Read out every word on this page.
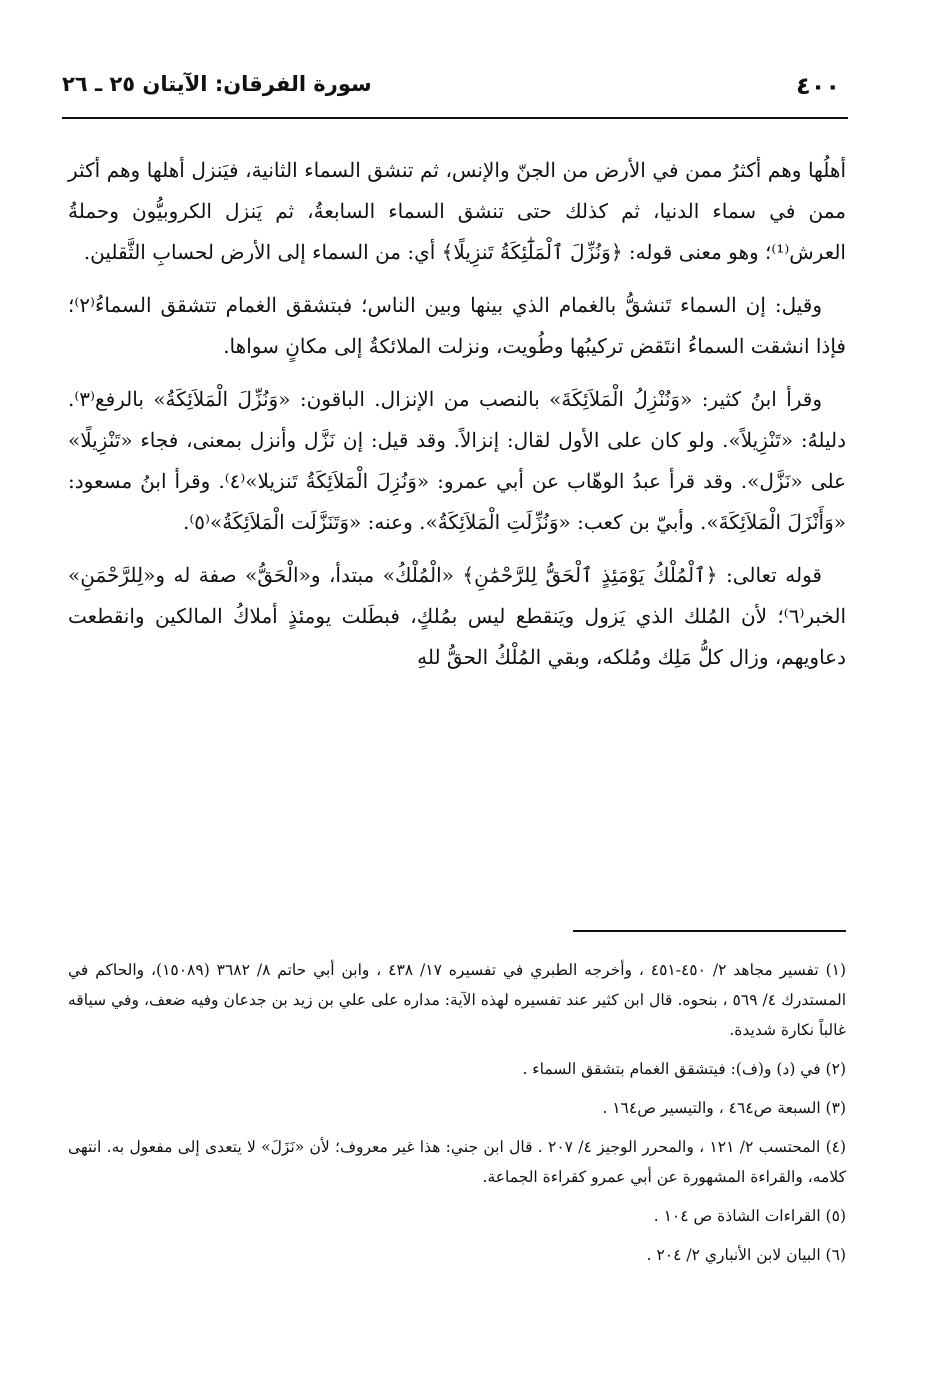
٤٠٠
سورة الفرقان: الآيتان ٢٥ ـ ٢٦

أهلُها وهم أكثرُ ممن في الأرض من الجنّ والإنس، ثم تنشق السماء الثانية، فيَنزل أهلها وهم أكثر ممن في سماء الدنيا، ثم كذلك حتى تنشق السماء السابعةُ، ثم يَنزل الكروبيُّون وحملةُ العرش⁽¹⁾؛ وهو معنى قوله: ﴿وَنُزِّلَ ٱلْمَلَٰٓئِكَةُ تَنزِيلًا﴾ أي: من السماء إلى الأرض لحسابِ الثَّقلين.

وقيل: إن السماء تَنشقُّ بالغمام الذي بينها وبين الناس؛ فبتشقق الغمام تتشقق السماءُ⁽٢⁾؛ فإذا انشقت السماءُ انتَقض تركيبُها وطُويت، ونزلت الملائكةُ إلى مكانٍ سواها.

وقرأ ابنُ كثير: «وَنُنْزِلُ الْمَلاَئِكَةَ» بالنصب من الإنزال. الباقون: «وَنُزِّلَ الْمَلاَئِكَةُ» بالرفع⁽٣⁾. دليلهُ: «تَنْزِيلاً». ولو كان على الأول لقال: إنزالاً. وقد قيل: إن نَزَّل وأنزل بمعنى، فجاء «تَنْزِيلًا» على «نَزَّل». وقد قرأ عبدُ الوهّاب عن أبي عمرو: «وَنُزِلَ الْمَلاَئِكَةُ تَنزيلا»⁽٤⁾. وقرأ ابنُ مسعود: «وَأَنْزَلَ الْمَلاَئِكَةَ». وأبيّ بن كعب: «وَنُزِّلَتِ الْمَلاَئِكَةُ». وعنه: «وَتَنَزَّلَت الْمَلاَئِكَةُ»⁽٥⁾.

قوله تعالى: ﴿ٱلْمُلْكُ يَوْمَئِذٍ ٱلْحَقُّ لِلرَّحْمَٰنِ﴾ «الْمُلْكُ» مبتدأ، و«الْحَقُّ» صفة له و«لِلرَّحْمَنِ» الخبر⁽٦⁾؛ لأن المُلك الذي يَزول ويَنقطع ليس بمُلكٍ، فبطَلت يومئذٍ أملاكُ المالكين وانقطعت دعاويهم، وزال كلُّ مَلِك ومُلكه، وبقي المُلْكُ الحقُّ للهِ

(١) تفسير مجاهد ٢/ ٤٥٠-٤٥١ ، وأخرجه الطبري في تفسيره ١٧/ ٤٣٨ ، وابن أبي حاتم ٨/ ٣٦٨٢ (١٥٠٨٩)، والحاكم في المستدرك ٤/ ٥٦٩ ، بنحوه. قال ابن كثير عند تفسيره لهذه الآية: مداره على علي بن زيد بن جدعان وفيه ضعف، وفي سياقه غالباً نكارة شديدة.

(٢) في (د) و(ف): فيتشقق الغمام بتشقق السماء .

(٣) السبعة ص٤٦٤ ، والتيسير ص١٦٤ .

(٤) المحتسب ٢/ ١٢١ ، والمحرر الوجيز ٤/ ٢٠٧ . قال ابن جني: هذا غير معروف؛ لأن «نَزَلَ» لا يتعدى إلى مفعول به. انتهى كلامه، والقراءة المشهورة عن أبي عمرو كقراءة الجماعة.

(٥) القراءات الشاذة ص ١٠٤ .

(٦) البيان لابن الأنباري ٢/ ٢٠٤ .
